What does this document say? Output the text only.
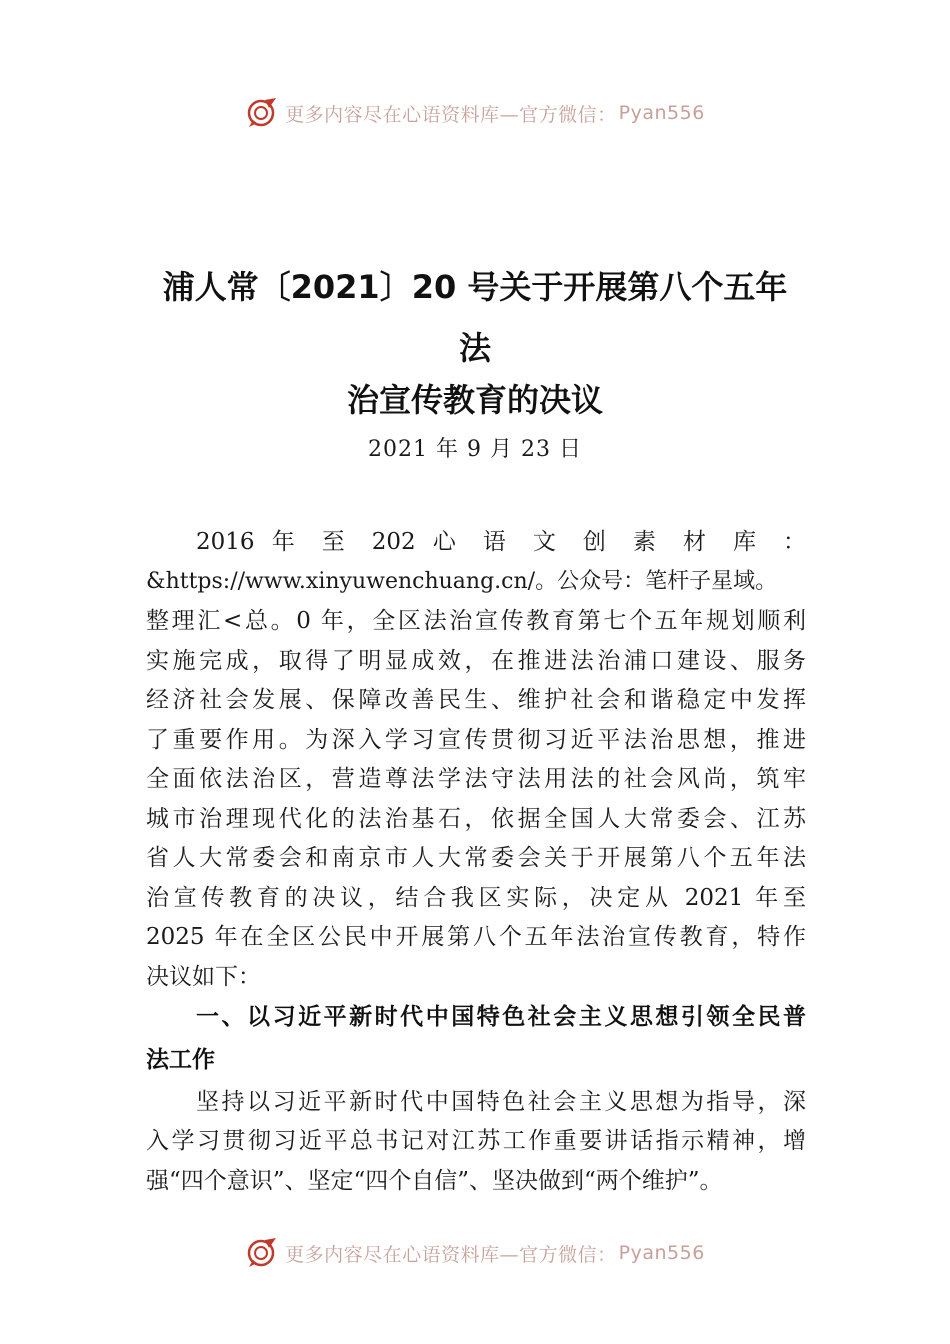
更多内容尽在心语资料库—官方微信： Pyan556
浦人常〔2021〕20 号关于开展第八个五年
法
治宣传教育的决议
2021 年 9 月 23 日
2016 年 至 202 心 语 文 创 素 材 库 ：
&https://www.xinyuwenchuang.cn/。公众号：笔杆子星域。
整理汇<总。0 年，全区法治宣传教育第七个五年规划顺利
实施完成，取得了明显成效，在推进法治浦口建设、服务
经济社会发展、保障改善民生、维护社会和谐稳定中发挥
了重要作用。为深入学习宣传贯彻习近平法治思想，推进
全面依法治区，营造尊法学法守法用法的社会风尚，筑牢
城市治理现代化的法治基石，依据全国人大常委会、江苏
省人大常委会和南京市人大常委会关于开展第八个五年法
治宣传教育的决议，结合我区实际，决定从 2021 年至
2025 年在全区公民中开展第八个五年法治宣传教育，特作
决议如下：
一、以习近平新时代中国特色社会主义思想引领全民普
法工作
坚持以习近平新时代中国特色社会主义思想为指导，深
入学习贯彻习近平总书记对江苏工作重要讲话指示精神，增
强“四个意识”、坚定“四个自信”、坚决做到“两个维护”。
更多内容尽在心语资料库—官方微信： Pyan556
